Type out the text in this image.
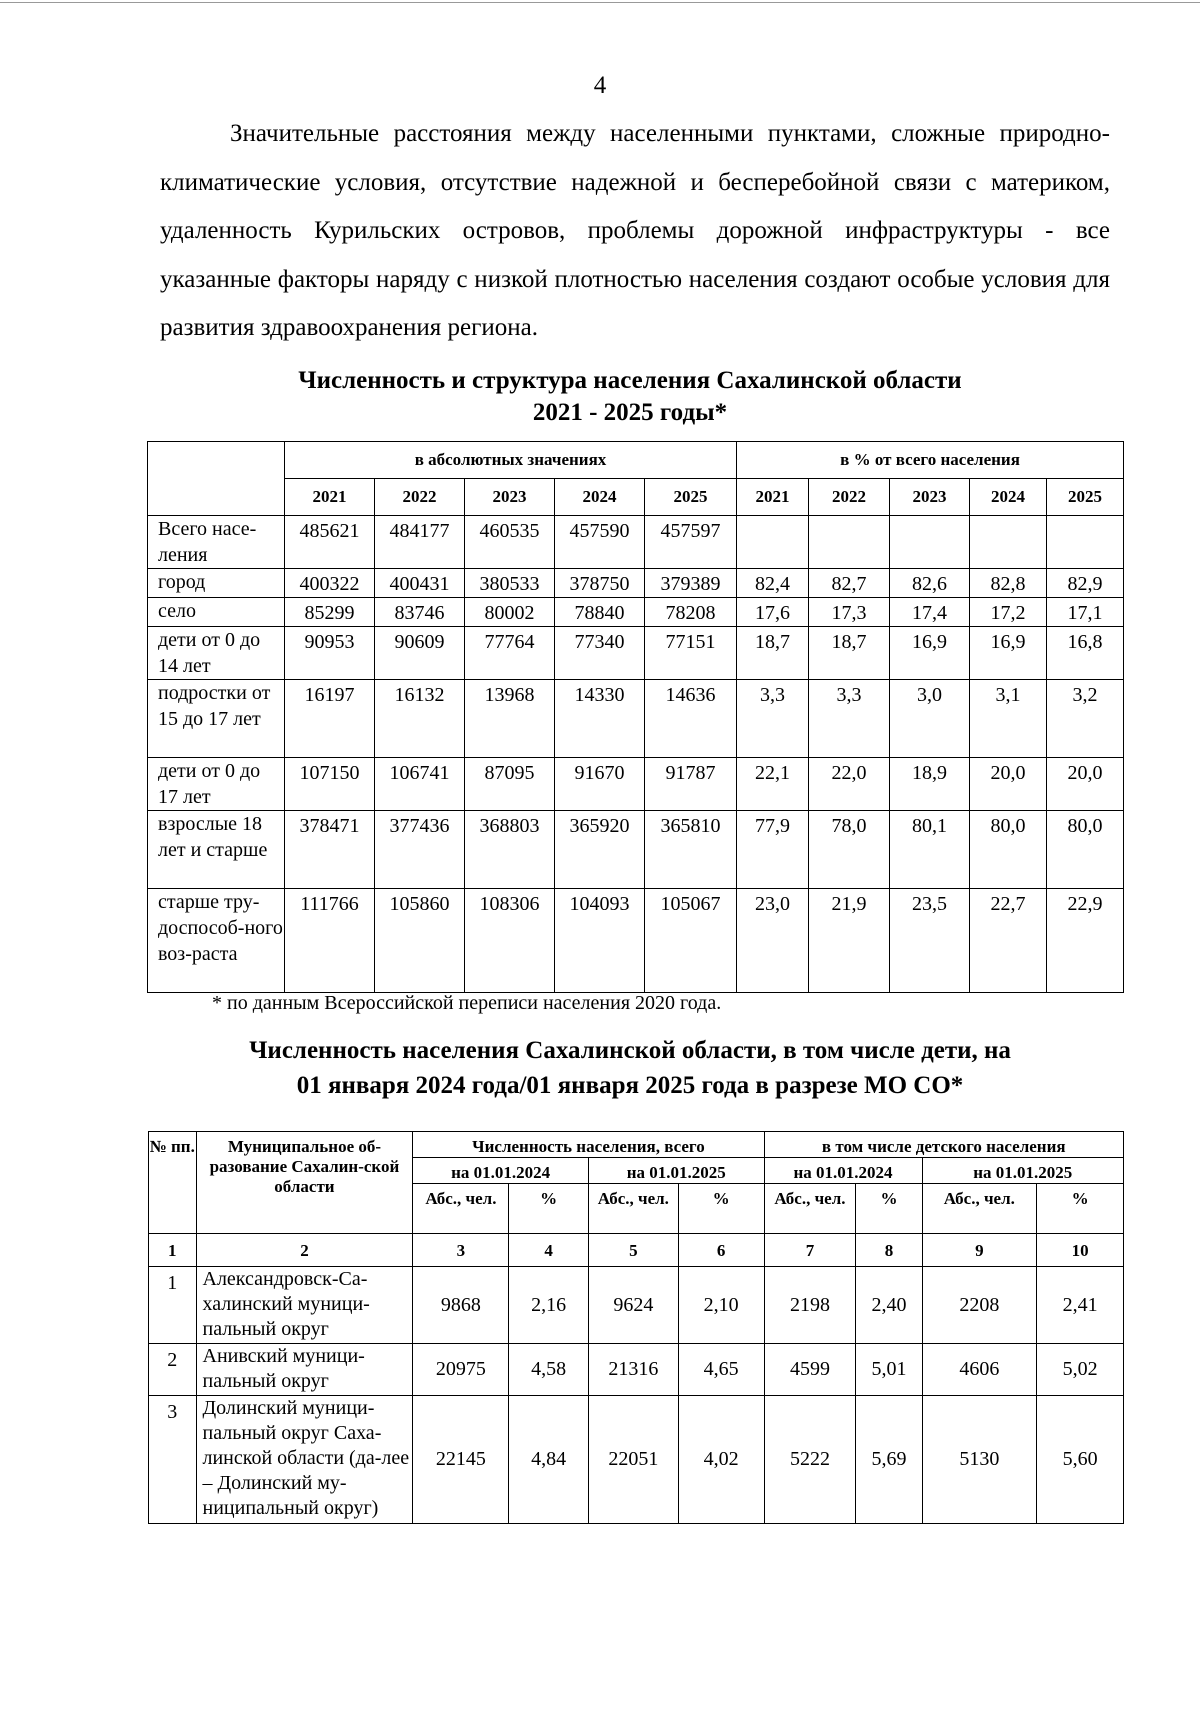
4

Значительные расстояния между населенными пунктами, сложные природно-климатические условия, отсутствие надежной и бесперебойной связи с материком, удаленность Курильских островов, проблемы дорожной инфраструктуры - все указанные факторы наряду с низкой плотностью населения создают особые условия для развития здравоохранения региона.

Численность и структура населения Сахалинской области
2021 - 2025 годы*
	в абсолютных значениях					в % от всего населения				
	2021	2022	2023	2024	2025	2021	2022	2023	2024	2025
Всего насе-ления	485621	484177	460535	457590	457597					
город	400322	400431	380533	378750	379389	82,4	82,7	82,6	82,8	82,9
село	85299	83746	80002	78840	78208	17,6	17,3	17,4	17,2	17,1
дети от 0 до 14 лет	90953	90609	77764	77340	77151	18,7	18,7	16,9	16,9	16,8
подростки от 15 до 17 лет	16197	16132	13968	14330	14636	3,3	3,3	3,0	3,1	3,2
дети от 0 до 17 лет	107150	106741	87095	91670	91787	22,1	22,0	18,9	20,0	20,0
взрослые 18 лет и старше	378471	377436	368803	365920	365810	77,9	78,0	80,1	80,0	80,0
старше тру-доспособ-ного воз-раста	111766	105860	108306	104093	105067	23,0	21,9	23,5	22,7	22,9

* по данным Всероссийской переписи населения 2020 года.

Численность населения Сахалинской области, в том числе дети, на
01 января 2024 года/01 января 2025 года в разрезе МО СО*
№ пп.	Муниципальное об-разование Сахалин-ской области	Численность населения, всего				в том числе детского населения			
		на 01.01.2024		на 01.01.2025		на 01.01.2024		на 01.01.2025	
		Абс., чел.	%	Абс., чел.	%	Абс., чел.	%	Абс., чел.	%
1	2	3	4	5	6	7	8	9	10
1	Александровск-Са-халинский муници-пальный округ	9868	2,16	9624	2,10	2198	2,40	2208	2,41
2	Анивский муници-пальный округ	20975	4,58	21316	4,65	4599	5,01	4606	5,02
3	Долинский муници-пальный округ Саха-линской области (да-лее – Долинский му-ниципальный округ)	22145	4,84	22051	4,02	5222	5,69	5130	5,60
